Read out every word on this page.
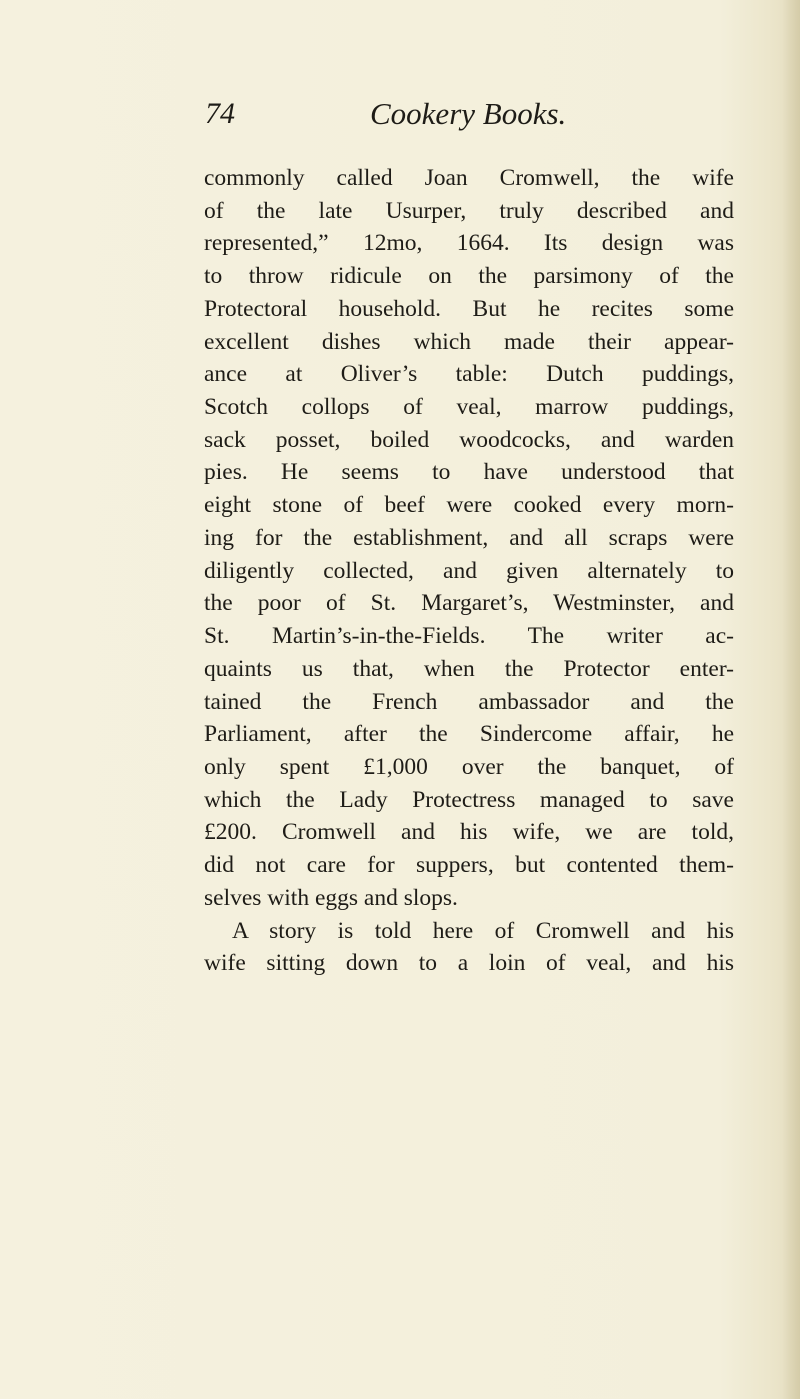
74	Cookery Books.
commonly called Joan Cromwell, the wife
of the late Usurper, truly described and
represented,” 12mo, 1664. Its design was
to throw ridicule on the parsimony of the
Protectoral household. But he recites some
excellent dishes which made their appear-
ance at Oliver’s table: Dutch puddings,
Scotch collops of veal, marrow puddings,
sack posset, boiled woodcocks, and warden
pies. He seems to have understood that
eight stone of beef were cooked every morn-
ing for the establishment, and all scraps were
diligently collected, and given alternately to
the poor of St. Margaret’s, Westminster, and
St. Martin’s-in-the-Fields. The writer ac-
quaints us that, when the Protector enter-
tained the French ambassador and the
Parliament, after the Sindercome affair, he
only spent £1,000 over the banquet, of
which the Lady Protectress managed to save
£200. Cromwell and his wife, we are told,
did not care for suppers, but contented them-
selves with eggs and slops.
A story is told here of Cromwell and his
wife sitting down to a loin of veal, and his
